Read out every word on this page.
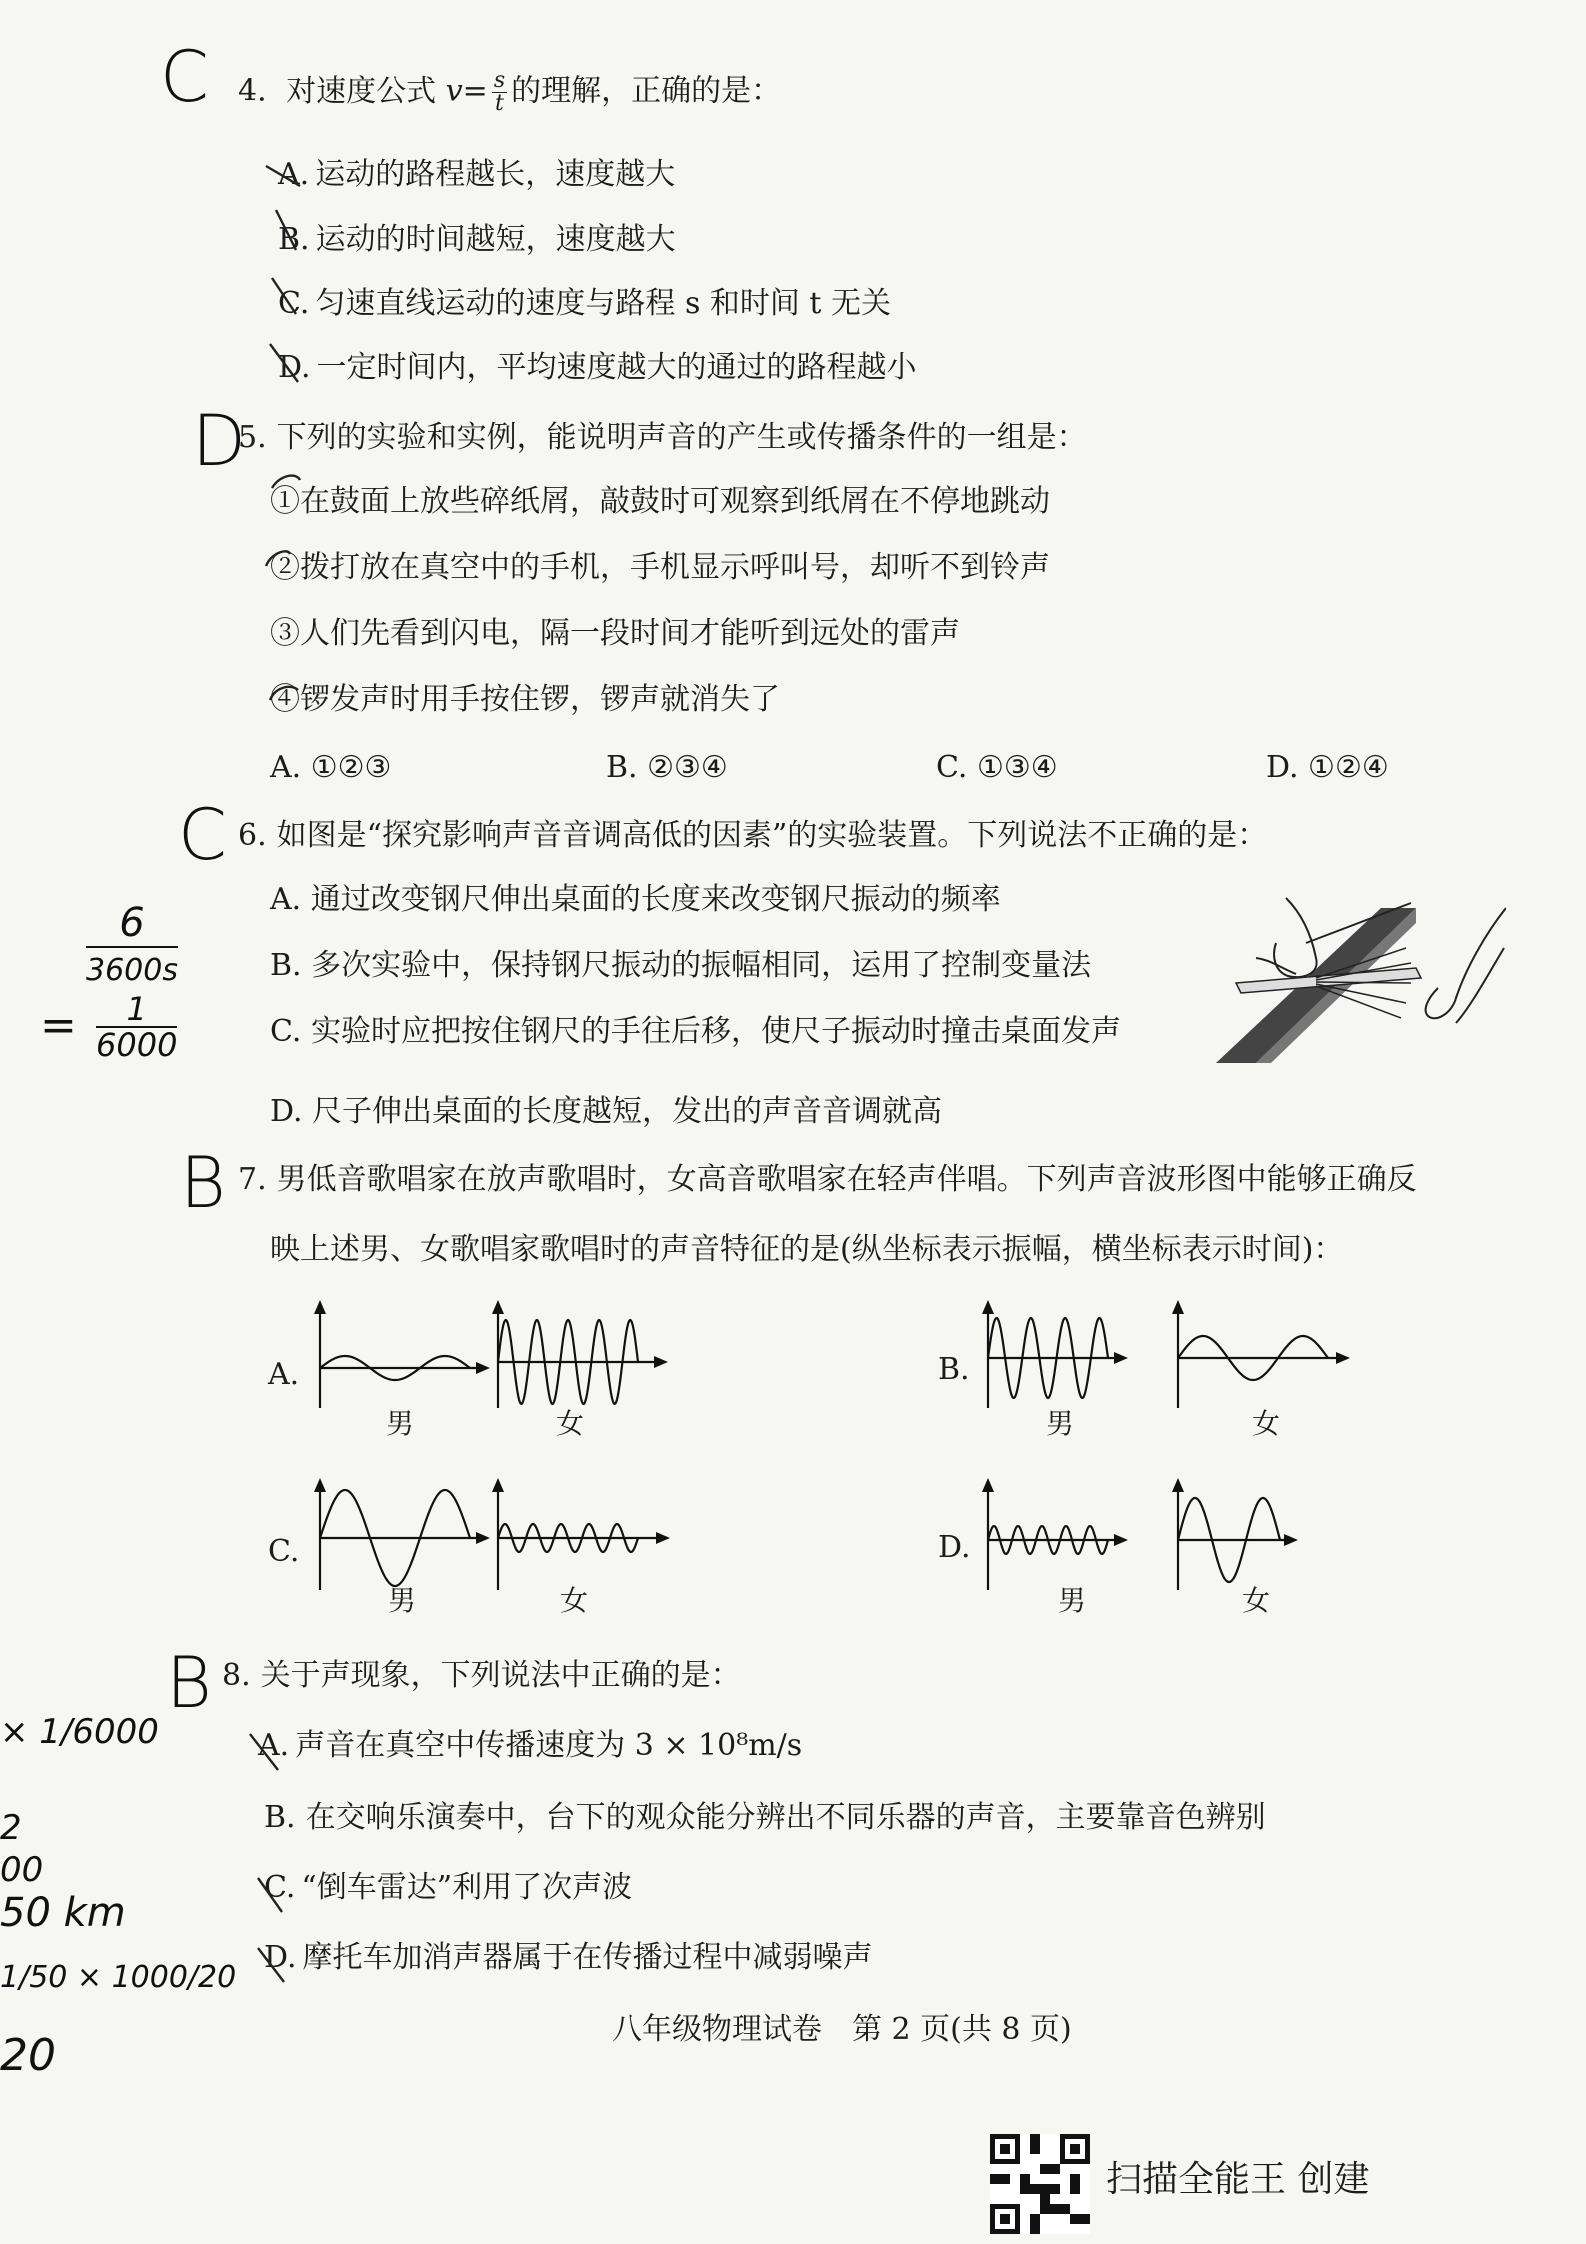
C 4. 对速度公式 $v= \frac{s}{t}$ 的理解，正确的是：
A. 运动的路程越长，速度越大
B. 运动的时间越短，速度越大
C. 匀速直线运动的速度与路程 s 和时间 t 无关
D. 一定时间内，平均速度越大的通过的路程越小
D
5. 下列的实验和实例，能说明声音的产生或传播条件的一组是：
①在鼓面上放些碎纸屑，敲鼓时可观察到纸屑在不停地跳动
②拨打放在真空中的手机，手机显示呼叫号，却听不到铃声
③人们先看到闪电，隔一段时间才能听到远处的雷声
④锣发声时用手按住锣，锣声就消失了
A. ①②③	B. ②③④	C. ①③④	D. ①②④
C 6. 如图是“探究影响声音音调高低的因素”的实验装置。下列说法不正确的是：
A. 通过改变钢尺伸出桌面的长度来改变钢尺振动的频率
B. 多次实验中，保持钢尺振动的振幅相同，运用了控制变量法
C. 实验时应把按住钢尺的手往后移，使尺子振动时撞击桌面发声
D. 尺子伸出桌面的长度越短，发出的声音音调就高
B 7. 男低音歌唱家在放声歌唱时，女高音歌唱家在轻声伴唱。下列声音波形图中能够正确反
映上述男、女歌唱家歌唱时的声音特征的是(纵坐标表示振幅，横坐标表示时间)：
A.	B.
C.	D.
男	女	男	女
男	女	男	女
B 8. 关于声现象，下列说法中正确的是：
A. 声音在真空中传播速度为 3 × 10⁸m/s
B. 在交响乐演奏中，台下的观众能分辨出不同乐器的声音，主要靠音色辨别
C. “倒车雷达”利用了次声波
D. 摩托车加消声器属于在传播过程中减弱噪声
6
3600s
=	1
6000
× 1/6000
2
00
50 km
1/50 × 1000/20
20
八年级物理试卷　第 2 页(共 8 页)
扫描全能王 创建
